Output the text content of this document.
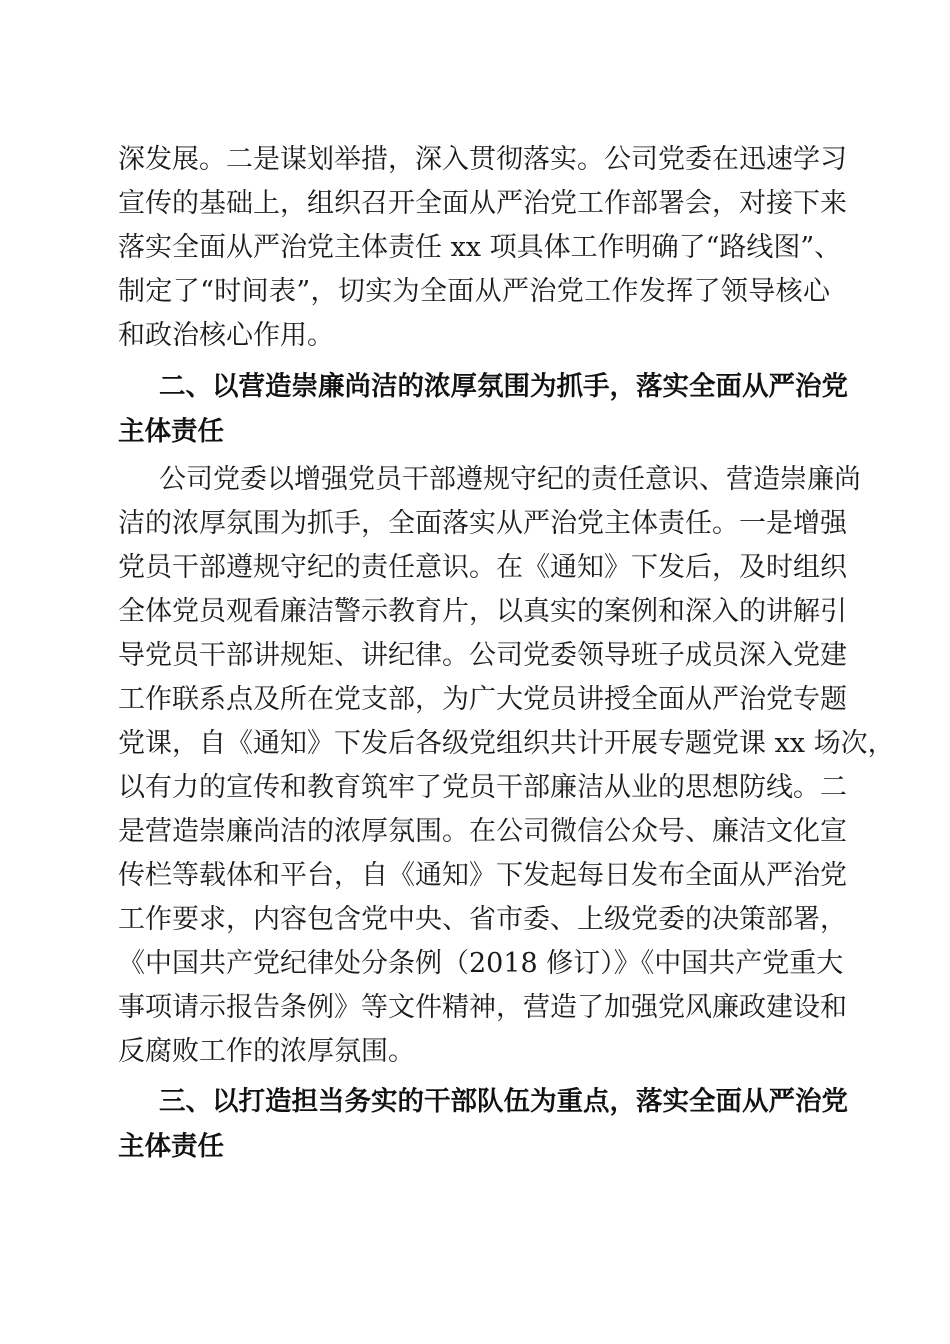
深发展。二是谋划举措，深入贯彻落实。公司党委在迅速学习
宣传的基础上，组织召开全面从严治党工作部署会，对接下来
落实全面从严治党主体责任 xx 项具体工作明确了“路线图”、
制定了“时间表”，切实为全面从严治党工作发挥了领导核心
和政治核心作用。
二、以营造崇廉尚洁的浓厚氛围为抓手，落实全面从严治党
主体责任
公司党委以增强党员干部遵规守纪的责任意识、营造崇廉尚
洁的浓厚氛围为抓手，全面落实从严治党主体责任。一是增强
党员干部遵规守纪的责任意识。在《通知》下发后，及时组织
全体党员观看廉洁警示教育片，以真实的案例和深入的讲解引
导党员干部讲规矩、讲纪律。公司党委领导班子成员深入党建
工作联系点及所在党支部，为广大党员讲授全面从严治党专题
党课，自《通知》下发后各级党组织共计开展专题党课 xx 场次，
以有力的宣传和教育筑牢了党员干部廉洁从业的思想防线。二
是营造崇廉尚洁的浓厚氛围。在公司微信公众号、廉洁文化宣
传栏等载体和平台，自《通知》下发起每日发布全面从严治党
工作要求，内容包含党中央、省市委、上级党委的决策部署，
《中国共产党纪律处分条例（2018 修订）》《中国共产党重大
事项请示报告条例》等文件精神，营造了加强党风廉政建设和
反腐败工作的浓厚氛围。
三、以打造担当务实的干部队伍为重点，落实全面从严治党
主体责任
